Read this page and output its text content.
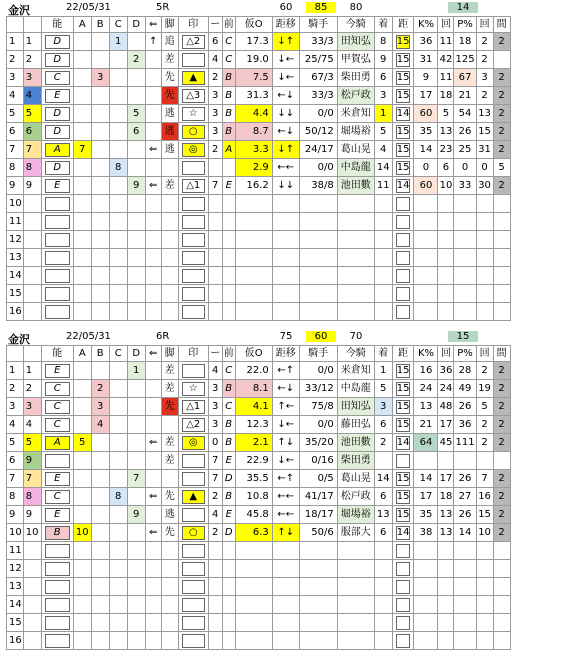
金沢	22/05/31	5R	60	85	80	14
		能	A	B	C	D	⇐	脚	印	ー	前	仮O	距移	騎手	今騎	着	距	K%	回	P%	回	間
1	1	D			1		↑	追	△2	6	C	17.3	↓↑	33/3	田知弘	8	15	36	11	18	2	2
2	2	D				2		差		4	C	19.0	↓←	25/75	甲賀弘	9	15	31	42	125	2	
3	3	C		3				先	▲	2	B	7.5	↓←	67/3	柴田勇	6	15	9	11	67	3	2
4	4	E						先	△3	3	B	31.3	←↓	33/3	松戸政	3	15	17	18	21	2	2
5	5	D				5		逃	☆	3	B	4.4	↓↓	0/0	米倉知	1	14	60	5	54	13	2
6	6	D				6		逃	○	3	B	8.7	←↓	50/12	堀場裕	5	15	35	13	26	15	2
7	7	A	7				⇐	逃	◎	2	A	3.3	↓↑	24/17	葛山晃	4	15	14	23	25	31	2
8	8	D			8							2.9	←←	0/0	中島龍	14	15	0	6	0	0	5
9	9	E				9	⇐	差	△1	7	E	16.2	↓↓	38/8	池田數	11	14	60	10	33	30	2
10		

11		

12		

13		

14		

15		

16		

金沢	22/05/31	6R	75	60	70	15
		能	A	B	C	D	⇐	脚	印	ー	前	仮O	距移	騎手	今騎	着	距	K%	回	P%	回	間
1	1	E				1		差		4	C	22.0	←↑	0/0	米倉知	1	15	16	36	28	2	2
2	2	C		2				差	☆	3	B	8.1	←↓	33/12	中島龍	5	15	24	24	49	19	2
3	3	C		3				先	△1	3	C	4.1	↑←	75/8	田知弘	3	15	13	48	26	5	2
4	4	C		4					△2	3	B	12.3	↓←	0/0	藤田弘	6	15	21	17	36	2	2
5	5	A	5				⇐	差	◎	0	B	2.1	↑↓	35/20	池田數	2	14	64	45	111	2	2
6	9							差		7	E	22.9	↓←	0/16	柴田勇		

7	7	E				7				7	D	35.5	←↑	0/5	葛山晃	14	15	14	17	26	7	2
8	8	C			8		⇐	先	▲	2	B	10.8	←←	41/17	松戸政	6	15	17	18	27	16	2
9	9	E				9		逃		4	E	45.8	←←	18/17	堀場裕	13	15	35	13	26	15	2
10	10	B	10				⇐	先	○	2	D	6.3	↑↓	50/6	服部大	6	14	38	13	14	10	2
11		

12		

13		

14		

15		

16		
